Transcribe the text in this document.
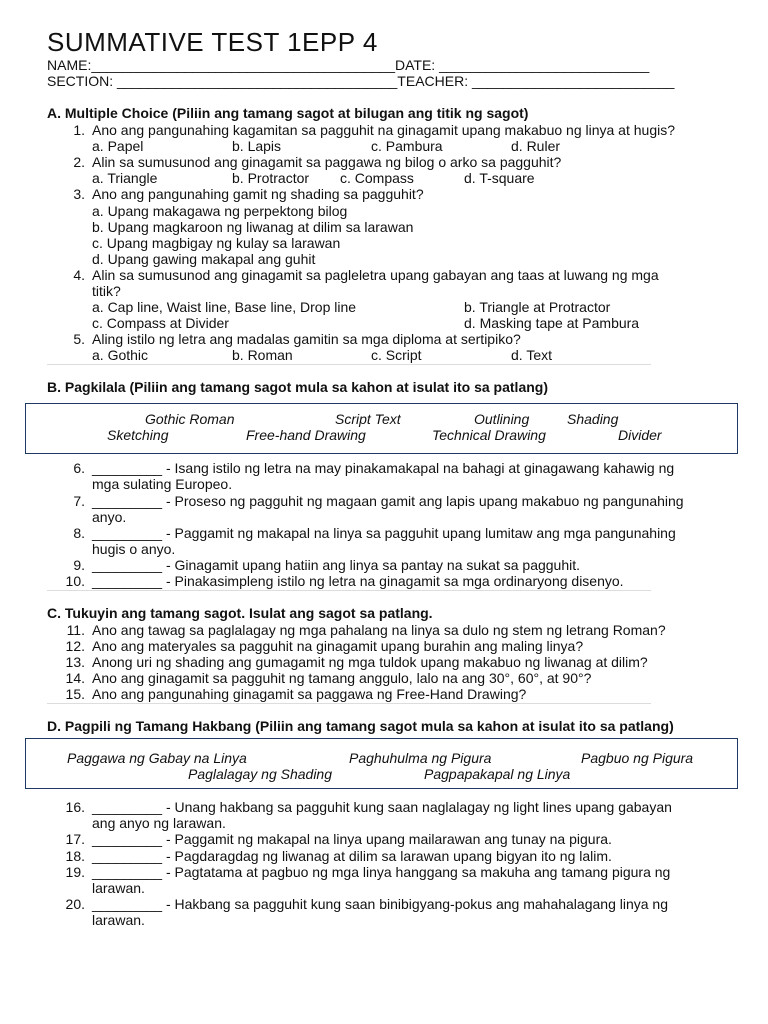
SUMMATIVE TEST 1EPP 4
NAME:_______________________________________DATE: ___________________________
SECTION: ____________________________________TEACHER: __________________________
A. Multiple Choice (Piliin ang tamang sagot at bilugan ang titik ng sagot)
1. Ano ang pangunahing kagamitan sa pagguhit na ginagamit upang makabuo ng linya at hugis?
a. Papel	b. Lapis	c. Pambura	d. Ruler
2. Alin sa sumusunod ang ginagamit sa paggawa ng bilog o arko sa pagguhit?
a. Triangle	b. Protractor c. Compass	d. T-square
3. Ano ang pangunahing gamit ng shading sa pagguhit?
a. Upang makagawa ng perpektong bilog
b. Upang magkaroon ng liwanag at dilim sa larawan
c. Upang magbigay ng kulay sa larawan
d. Upang gawing makapal ang guhit
4. Alin sa sumusunod ang ginagamit sa pagleletra upang gabayan ang taas at luwang ng mga
titik?
a. Cap line, Waist line, Base line, Drop line	b. Triangle at Protractor
c. Compass at Divider	d. Masking tape at Pambura
5. Aling istilo ng letra ang madalas gamitin sa mga diploma at sertipiko?
a. Gothic	b. Roman	c. Script	d. Text
B. Pagkilala (Piliin ang tamang sagot mula sa kahon at isulat ito sa patlang)
Gothic Roman	Script Text	Outlining	Shading
Sketching	Free-hand Drawing	Technical Drawing	Divider
6. _________ - Isang istilo ng letra na may pinakamakapal na bahagi at ginagawang kahawig ng
mga sulating Europeo.
7. _________ - Proseso ng pagguhit ng magaan gamit ang lapis upang makabuo ng pangunahing
anyo.
8. _________ - Paggamit ng makapal na linya sa pagguhit upang lumitaw ang mga pangunahing
hugis o anyo.
9. _________ - Ginagamit upang hatiin ang linya sa pantay na sukat sa pagguhit.
10. _________ - Pinakasimpleng istilo ng letra na ginagamit sa mga ordinaryong disenyo.
C. Tukuyin ang tamang sagot. Isulat ang sagot sa patlang.
11. Ano ang tawag sa paglalagay ng mga pahalang na linya sa dulo ng stem ng letrang Roman?
12. Ano ang materyales sa pagguhit na ginagamit upang burahin ang maling linya?
13. Anong uri ng shading ang gumagamit ng mga tuldok upang makabuo ng liwanag at dilim?
14. Ano ang ginagamit sa pagguhit ng tamang anggulo, lalo na ang 30°, 60°, at 90°?
15. Ano ang pangunahing ginagamit sa paggawa ng Free-Hand Drawing?
D. Pagpili ng Tamang Hakbang (Piliin ang tamang sagot mula sa kahon at isulat ito sa patlang)
Paggawa ng Gabay na Linya	Paghuhulma ng Pigura	Pagbuo ng Pigura
Paglalagay ng Shading	Pagpapakapal ng Linya
16. _________ - Unang hakbang sa pagguhit kung saan naglalagay ng light lines upang gabayan
ang anyo ng larawan.
17. _________ - Paggamit ng makapal na linya upang mailarawan ang tunay na pigura.
18. _________ - Pagdaragdag ng liwanag at dilim sa larawan upang bigyan ito ng lalim.
19. _________ - Pagtatama at pagbuo ng mga linya hanggang sa makuha ang tamang pigura ng
larawan.
20. _________ - Hakbang sa pagguhit kung saan binibigyang-pokus ang mahahalagang linya ng
larawan.
